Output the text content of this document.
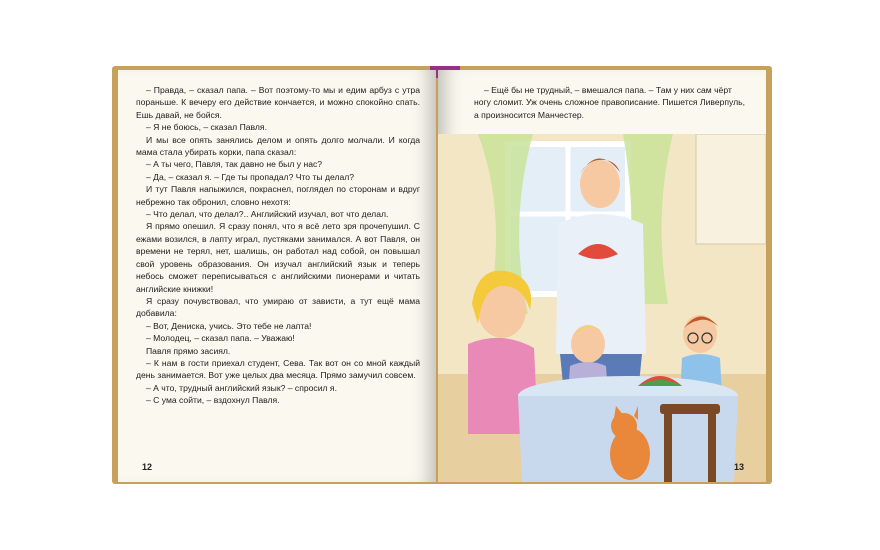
– Правда, – сказал папа. – Вот поэтому-то мы и едим арбуз с утра пораньше. К вечеру его действие кончается, и можно спокойно спать. Ешь давай, не бойся.

– Я не боюсь, – сказал Павля.

И мы все опять занялись делом и опять долго молчали. И когда мама стала убирать корки, папа сказал:

– А ты чего, Павля, так давно не был у нас?

– Да, – сказал я. – Где ты пропадал? Что ты делал?

И тут Павля напыжился, покраснел, поглядел по сторонам и вдруг небрежно так обронил, словно нехотя:

– Что делал, что делал?.. Английский изучал, вот что делал.

Я прямо опешил. Я сразу понял, что я всё лето зря прочепушил. С ежами возился, в лапту играл, пустяками занимался. А вот Павля, он времени не терял, нет, шалишь, он работал над собой, он повышал свой уровень образования. Он изучал английский язык и теперь небось сможет переписываться с английскими пионерами и читать английские книжки!

Я сразу почувствовал, что умираю от зависти, а тут ещё мама добавила:

– Вот, Дениска, учись. Это тебе не лапта!

– Молодец, – сказал папа. – Уважаю!

Павля прямо засиял.

– К нам в гости приехал студент, Сева. Так вот он со мной каждый день занимается. Вот уже целых два месяца. Прямо замучил совсем.

– А что, трудный английский язык? – спросил я.

– С ума сойти, – вздохнул Павля.

12

– Ещё бы не трудный, – вмешался папа. – Там у них сам чёрт ногу сломит. Уж очень сложное правописание. Пишется Ливерпуль, а произносится Манчестер.

13
